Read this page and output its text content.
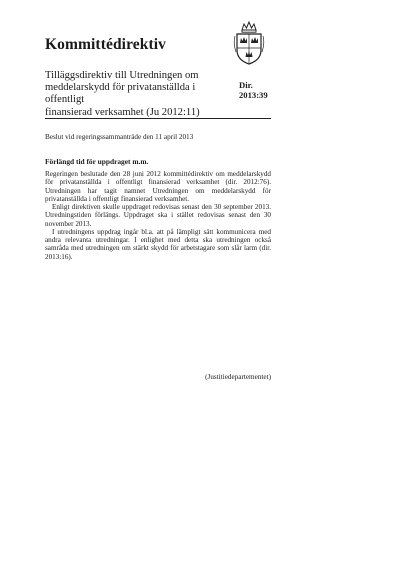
Kommittédirektiv
Tilläggsdirektiv till Utredningen om
meddelarskydd för privatanställda i offentligt
finansierad verksamhet (Ju 2012:11)
Dir.
2013:39
Beslut vid regeringssammanträde den 11 april 2013
Förlängd tid för uppdraget m.m.

Regeringen beslutade den 28 juni 2012 kommittédirektiv om meddelarskydd för privatanställda i offentligt finansierad verksamhet (dir. 2012:76). Utredningen har tagit namnet Utredningen om meddelarskydd för privatanställda i offentligt finansierad verksamhet.

Enligt direktiven skulle uppdraget redovisas senast den 30 september 2013. Utredningstiden förlängs. Uppdraget ska i stället redovisas senast den 30 november 2013.

I utredningens uppdrag ingår bl.a. att på lämpligt sätt kommunicera med andra relevanta utredningar. I enlighet med detta ska utredningen också samråda med utredningen om stärkt skydd för arbetstagare som slår larm (dir. 2013:16).

(Justitiedepartementet)
